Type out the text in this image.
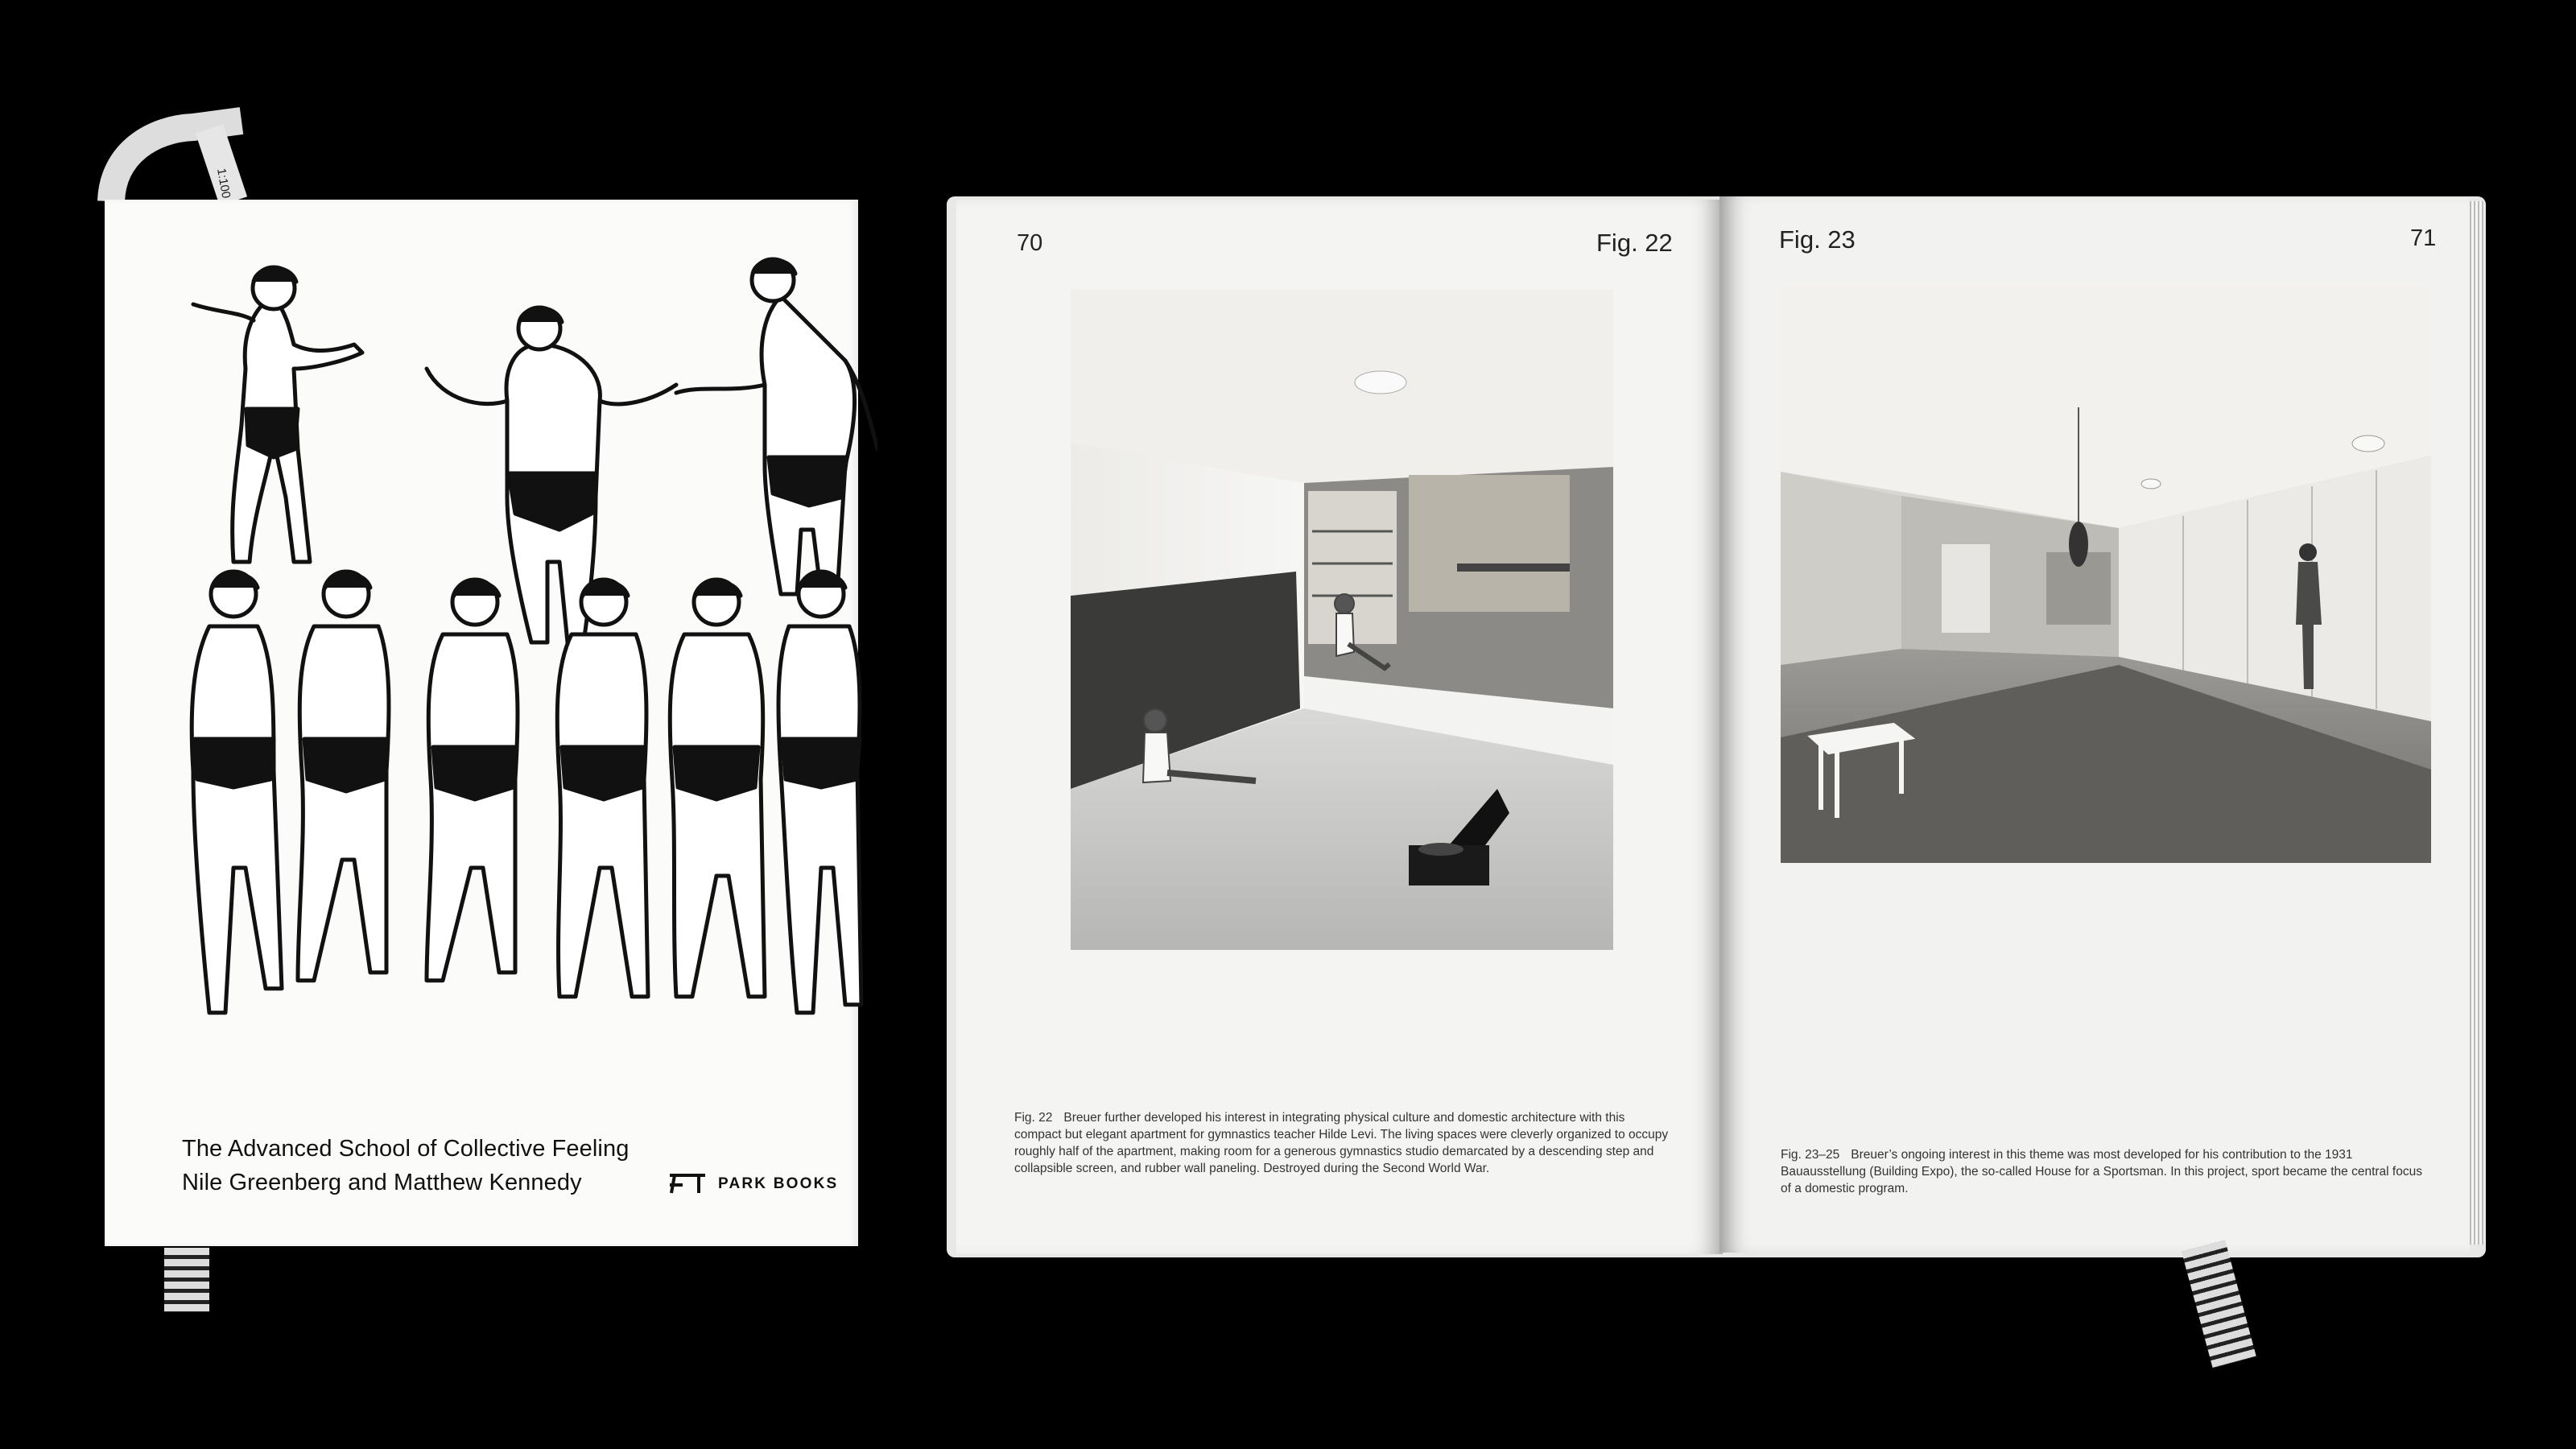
1:100
The Advanced School of Collective Feeling
Nile Greenberg and Matthew Kennedy	PARK BOOKS
70	Fig. 22
Fig. 22 Breuer further developed his interest in integrating physical culture and domestic architecture with this compact but elegant apartment for gymnastics teacher Hilde Levi. The living spaces were cleverly organized to occupy roughly half of the apartment, making room for a generous gymnastics studio demarcated by a descending step and collapsible screen, and rubber wall paneling. Destroyed during the Second World War.
Fig. 23	71
Fig. 23–25 Breuer’s ongoing interest in this theme was most developed for his contribution to the 1931 Bauausstellung (Building Expo), the so-called House for a Sportsman. In this project, sport became the central focus of a domestic program.
